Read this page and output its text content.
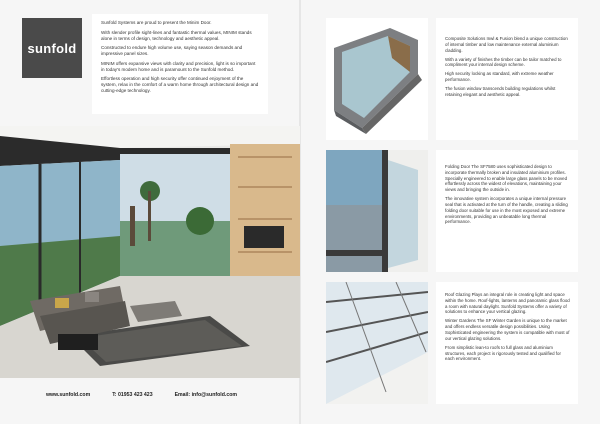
sunfold

Sunfold Systems are proud to present the Minim Door.

With slender profile sight-lines and fantastic thermal values, MINIM stands alone in terms of design, technology and aesthetic appeal.

Constructed to endure high volume use, saying season demands and impressive panel sizes.

MINIM offers expansive views with clarity and precision, light is so important in today's modern home and is paramount to the Sunfold method.

Effortless operation and high security offer continued enjoyment of the system, relax in the comfort of a warm home through architectural design and cutting-edge technology.

www.sunfold.com	T: 01953 423 423	Email: info@sunfold.com

Composite Solutions Inwl & Fusion blend a unique construction of internal timber and low maintenance external aluminium cladding.

With a variety of finishes the timber can be tailor matched to compliment your internal design scheme.

High security locking as standard, with extreme weather performance.

The fusion window transcends building regulations whilst retaining elegant and aesthetic appeal.

Folding Door The SF7580 uses sophisticated design to incorporate thermally broken and insulated aluminium profiles. Specially engineered to enable large glass panels to be moved effortlessly across the widest of elevations, maintaining your views and bringing the outside in.

The innovative system incorporates a unique internal pressure seal that is activated at the turn of the handle, creating a sliding folding door suitable for use in the most exposed and extreme environments, providing an unbeatable long thermal performance.

Roof Glazing Plays an integral role in creating light and space within the home. Roof-lights, lanterns and panoramic glass flood a room with natural daylight. Sunfold Systems offer a variety of solutions to enhance your vertical glazing.

Winter Gardens The SF Winter Garden is unique to the market and offers endless versatile design possibilities. Using Sophisticated engineering the system is compatible with most of our vertical glazing solutions.

From simplistic lean-to roofs to full glass and aluminium structures, each project is rigorously tested and qualified for each environment.
